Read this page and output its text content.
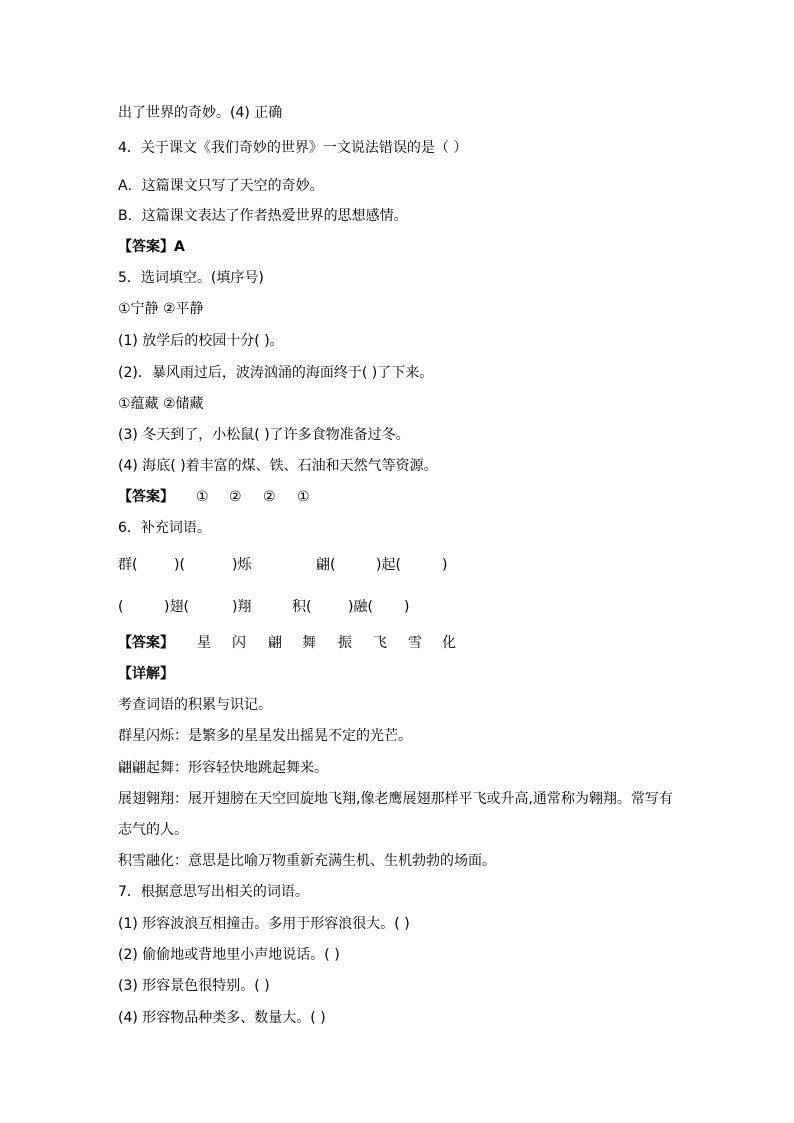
出了世界的奇妙。(4) 正确
4．关于课文《我们奇妙的世界》一文说法错误的是（ ）
A．这篇课文只写了天空的奇妙。
B．这篇课文表达了作者热爱世界的思想感情。
【答案】A
5．选词填空。(填序号)
①宁静 ②平静
(1) 放学后的校园十分( )。
(2)．暴风雨过后，波涛汹涌的海面终于( )了下来。
①蕴藏 ②储藏
(3) 冬天到了，小松鼠( )了许多食物准备过冬。
(4) 海底( )着丰富的煤、铁、石油和天然气等资源。
【答案】 ① ② ② ①
6．补充词语。
群(	)(	)烁	翩(	)起(	)
(	)翅(	)翔	积(	)融( )
【答案】 星 闪 翩 舞 振 飞 雪 化
【详解】
考查词语的积累与识记。
群星闪烁：是繁多的星星发出摇晃不定的光芒。
翩翩起舞：形容轻快地跳起舞来。
展翅翱翔：展开翅膀在天空回旋地飞翔,像老鹰展翅那样平飞或升高,通常称为翱翔。常写有
志气的人。
积雪融化：意思是比喻万物重新充满生机、生机勃勃的场面。
7．根据意思写出相关的词语。
(1) 形容波浪互相撞击。多用于形容浪很大。( )
(2) 偷偷地或背地里小声地说话。( )
(3) 形容景色很特别。( )
(4) 形容物品种类多、数量大。( )
